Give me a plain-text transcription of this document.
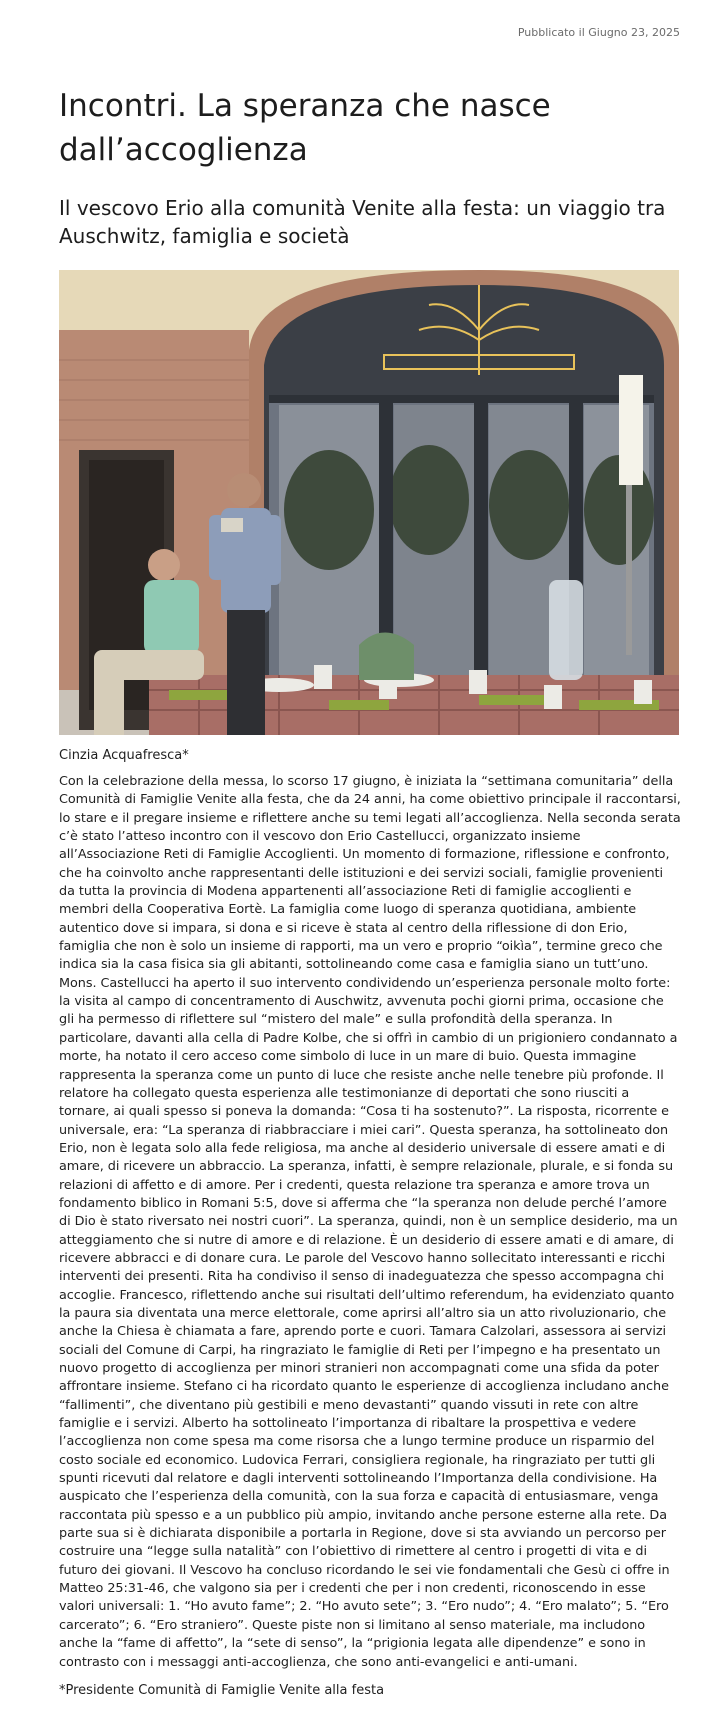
Pubblicato il Giugno 23, 2025
Incontri. La speranza che nasce dall’accoglienza
Il vescovo Erio alla comunità Venite alla festa: un viaggio tra Auschwitz, famiglia e società
Cinzia Acquafresca*
Con la celebrazione della messa, lo scorso 17 giugno, è iniziata la “settimana comunitaria” della Comunità di Famiglie Venite alla festa, che da 24 anni, ha come obiettivo principale il raccontarsi, lo stare e il pregare insieme e riflettere anche su temi legati all’accoglienza. Nella seconda serata c’è stato l’atteso incontro con il vescovo don Erio Castellucci, organizzato insieme all’Associazione Reti di Famiglie Accoglienti. Un momento di formazione, riflessione e confronto, che ha coinvolto anche rappresentanti delle istituzioni e dei servizi sociali, famiglie provenienti da tutta la provincia di Modena appartenenti all’associazione Reti di famiglie accoglienti e membri della Cooperativa Eortè. La famiglia come luogo di speranza quotidiana, ambiente autentico dove si impara, si dona e si riceve è stata al centro della riflessione di don Erio, famiglia che non è solo un insieme di rapporti, ma un vero e proprio “oikìa”, termine greco che indica sia la casa fisica sia gli abitanti, sottolineando come casa e famiglia siano un tutt’uno. Mons. Castellucci ha aperto il suo intervento condividendo un’esperienza personale molto forte: la visita al campo di concentramento di Auschwitz, avvenuta pochi giorni prima, occasione che gli ha permesso di riflettere sul “mistero del male” e sulla profondità della speranza. In particolare, davanti alla cella di Padre Kolbe, che si offrì in cambio di un prigioniero condannato a morte, ha notato il cero acceso come simbolo di luce in un mare di buio. Questa immagine rappresenta la speranza come un punto di luce che resiste anche nelle tenebre più profonde. Il relatore ha collegato questa esperienza alle testimonianze di deportati che sono riusciti a tornare, ai quali spesso si poneva la domanda: “Cosa ti ha sostenuto?”. La risposta, ricorrente e universale, era: “La speranza di riabbracciare i miei cari”. Questa speranza, ha sottolineato don Erio, non è legata solo alla fede religiosa, ma anche al desiderio universale di essere amati e di amare, di ricevere un abbraccio. La speranza, infatti, è sempre relazionale, plurale, e si fonda su relazioni di affetto e di amore. Per i credenti, questa relazione tra speranza e amore trova un fondamento biblico in Romani 5:5, dove si afferma che “la speranza non delude perché l’amore di Dio è stato riversato nei nostri cuori”. La speranza, quindi, non è un semplice desiderio, ma un atteggiamento che si nutre di amore e di relazione. È un desiderio di essere amati e di amare, di ricevere abbracci e di donare cura. Le parole del Vescovo hanno sollecitato interessanti e ricchi interventi dei presenti. Rita ha condiviso il senso di inadeguatezza che spesso accompagna chi accoglie. Francesco, riflettendo anche sui risultati dell’ultimo referendum, ha evidenziato quanto la paura sia diventata una merce elettorale, come aprirsi all’altro sia un atto rivoluzionario, che anche la Chiesa è chiamata a fare, aprendo porte e cuori. Tamara Calzolari, assessora ai servizi sociali del Comune di Carpi, ha ringraziato le famiglie di Reti per l’impegno e ha presentato un nuovo progetto di accoglienza per minori stranieri non accompagnati come una sfida da poter affrontare insieme. Stefano ci ha ricordato quanto le esperienze di accoglienza includano anche “fallimenti”, che diventano più gestibili e meno devastanti” quando vissuti in rete con altre famiglie e i servizi. Alberto ha sottolineato l’importanza di ribaltare la prospettiva e vedere l’accoglienza non come spesa ma come risorsa che a lungo termine produce un risparmio del costo sociale ed economico. Ludovica Ferrari, consigliera regionale, ha ringraziato per tutti gli spunti ricevuti dal relatore e dagli interventi sottolineando l’Importanza della condivisione. Ha auspicato che l’esperienza della comunità, con la sua forza e capacità di entusiasmare, venga raccontata più spesso e a un pubblico più ampio, invitando anche persone esterne alla rete. Da parte sua si è dichiarata disponibile a portarla in Regione, dove si sta avviando un percorso per costruire una “legge sulla natalità” con l’obiettivo di rimettere al centro i progetti di vita e di futuro dei giovani. Il Vescovo ha concluso ricordando le sei vie fondamentali che Gesù ci offre in Matteo 25:31-46, che valgono sia per i credenti che per i non credenti, riconoscendo in esse valori universali: 1. “Ho avuto fame”; 2. “Ho avuto sete”; 3. “Ero nudo”; 4. “Ero malato”; 5. “Ero carcerato”; 6. “Ero straniero”. Queste piste non si limitano al senso materiale, ma includono anche la “fame di affetto”, la “sete di senso”, la “prigionia legata alle dipendenze” e sono in contrasto con i messaggi anti-accoglienza, che sono anti-evangelici e anti-umani.
*Presidente Comunità di Famiglie Venite alla festa
